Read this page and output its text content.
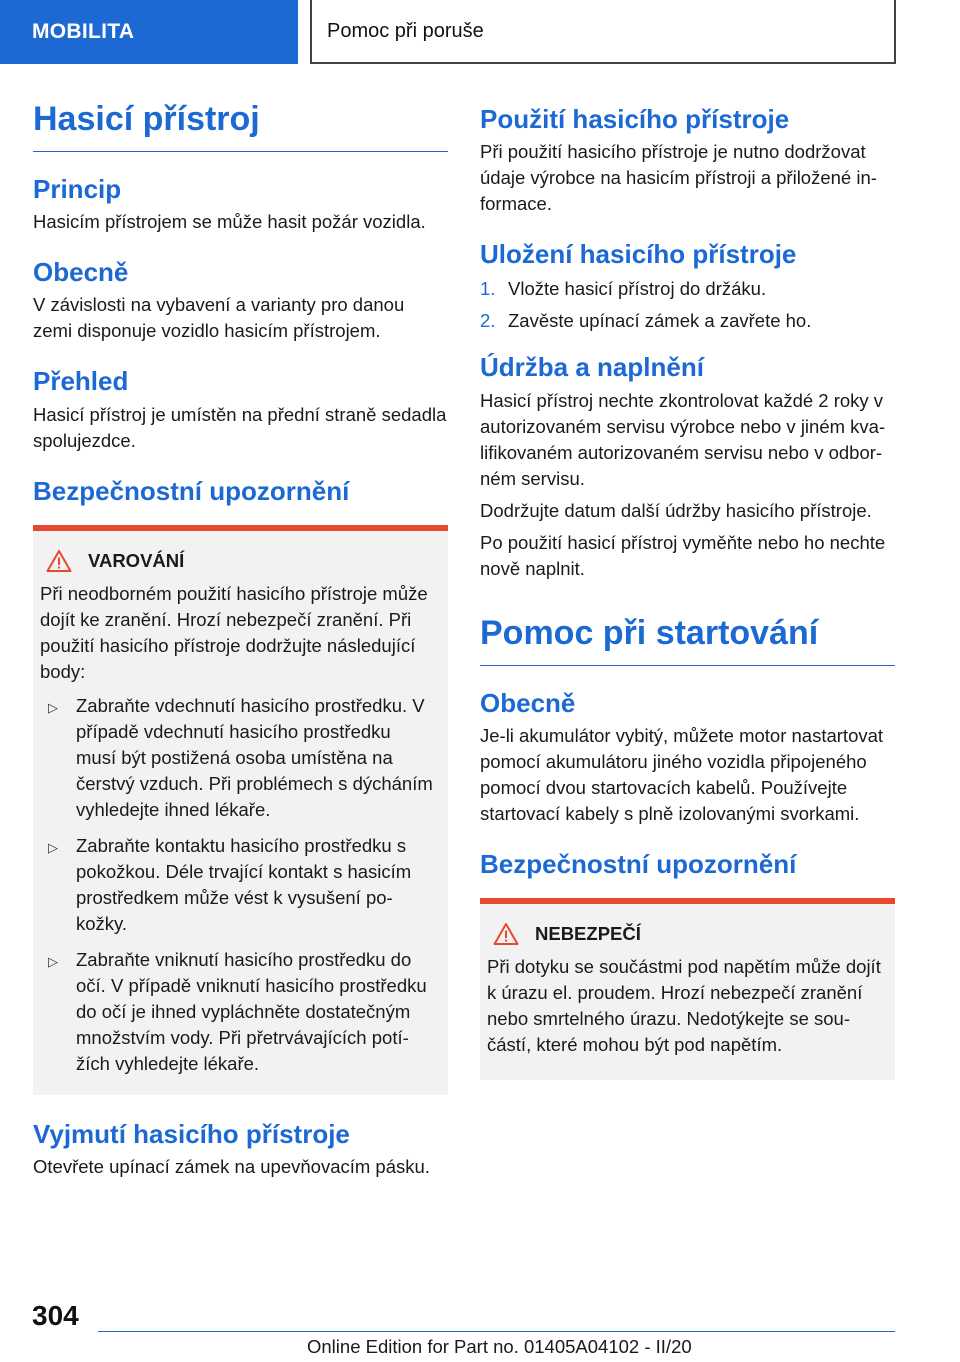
MOBILITA	Pomoc při poruše
Hasicí přístroj
Princip

Hasicím přístrojem se může hasit požár vozidla.

Obecně

V závislosti na vybavení a varianty pro danou zemi disponuje vozidlo hasicím přístrojem.

Přehled

Hasicí přístroj je umístěn na přední straně sedadla spolujezdce.

Bezpečnostní upozornění
VAROVÁNÍ

Při neodborném použití hasicího přístroje může dojít ke zranění. Hrozí nebezpečí zranění. Při použití hasicího přístroje dodržujte následující body:

▷ Zabraňte vdechnutí hasicího prostředku. V případě vdechnutí hasicího prostředku musí být postižená osoba umístěna na čerstvý vzduch. Při problémech s dýcháním vyhledejte ihned lékaře.
▷ Zabraňte kontaktu hasicího prostředku s pokožkou. Déle trvající kontakt s hasicím prostředkem může vést k vysušení pokožky.
▷ Zabraňte vniknutí hasicího prostředku do očí. V případě vniknutí hasicího prostředku do očí je ihned vypláchněte dostatečným množstvím vody. Při přetrvávajících potížích vyhledejte lékaře.
Vyjmutí hasicího přístroje

Otevřete upínací zámek na upevňovacím pásku.

Použití hasicího přístroje

Při použití hasicího přístroje je nutno dodržovat údaje výrobce na hasicím přístroji a přiložené informace.

Uložení hasicího přístroje
1. Vložte hasicí přístroj do držáku.
2. Zavěste upínací zámek a zavřete ho.
Údržba a naplnění

Hasicí přístroj nechte zkontrolovat každé 2 roky v autorizovaném servisu výrobce nebo v jiném kvalifikovaném autorizovaném servisu nebo v odborném servisu.

Dodržujte datum další údržby hasicího přístroje.

Po použití hasicí přístroj vyměňte nebo ho nechte nově naplnit.

Pomoc při startování
Obecně

Je-li akumulátor vybitý, můžete motor nastartovat pomocí akumulátoru jiného vozidla připojeného pomocí dvou startovacích kabelů. Používejte startovací kabely s plně izolovanými svorkami.

Bezpečnostní upozornění
NEBEZPEČÍ

Při dotyku se součástmi pod napětím může dojít k úrazu el. proudem. Hrozí nebezpečí zranění nebo smrtelného úrazu. Nedotýkejte se součástí, které mohou být pod napětím.

304
Online Edition for Part no. 01405A04102 - II/20
